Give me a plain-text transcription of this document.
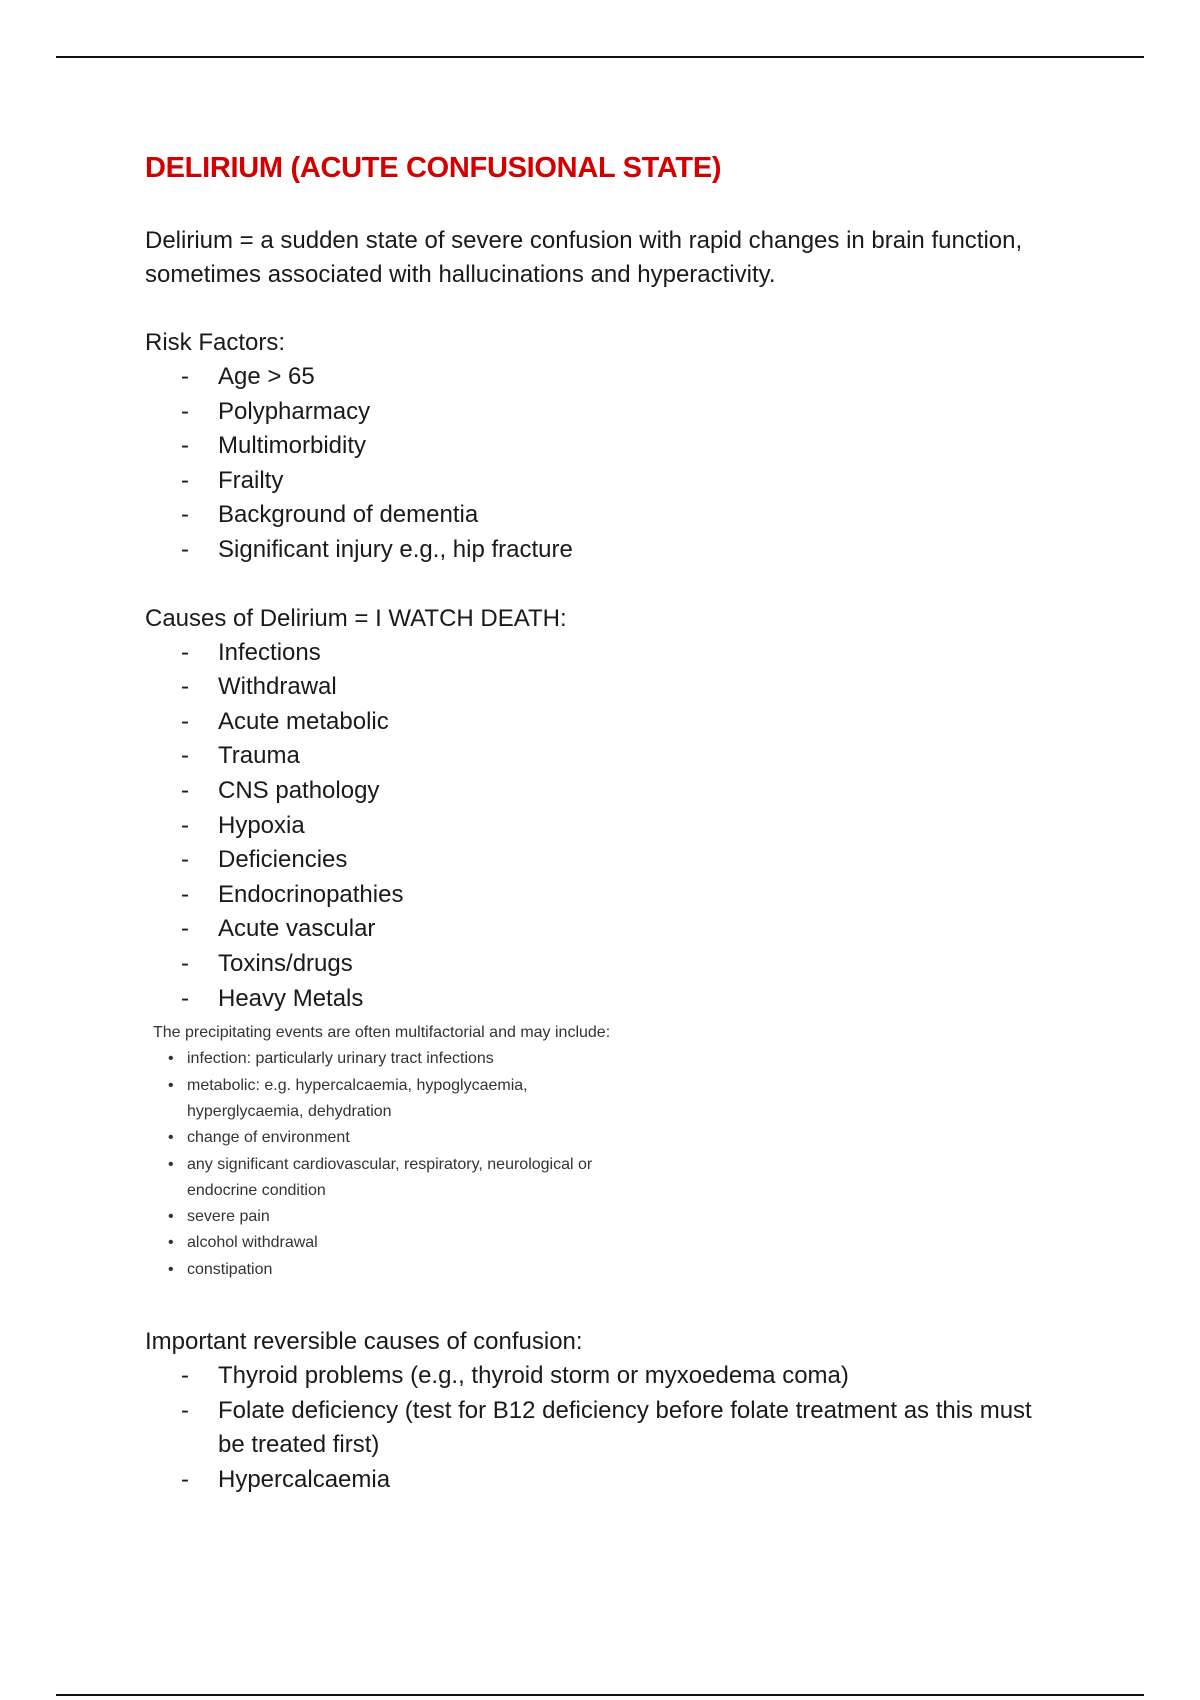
DELIRIUM (ACUTE CONFUSIONAL STATE)

Delirium = a sudden state of severe confusion with rapid changes in brain function, sometimes associated with hallucinations and hyperactivity.

Risk Factors:
- Age > 65
- Polypharmacy
- Multimorbidity
- Frailty
- Background of dementia
- Significant injury e.g., hip fracture
Causes of Delirium = I WATCH DEATH:
- Infections
- Withdrawal
- Acute metabolic
- Trauma
- CNS pathology
- Hypoxia
- Deficiencies
- Endocrinopathies
- Acute vascular
- Toxins/drugs
- Heavy Metals

The precipitating events are often multifactorial and may include:

• infection: particularly urinary tract infections
• metabolic: e.g. hypercalcaemia, hypoglycaemia, hyperglycaemia, dehydration
• change of environment
• any significant cardiovascular, respiratory, neurological or endocrine condition
• severe pain
• alcohol withdrawal
• constipation
Important reversible causes of confusion:
- Thyroid problems (e.g., thyroid storm or myxoedema coma)
- Folate deficiency (test for B12 deficiency before folate treatment as this must be treated first)
- Hypercalcaemia
